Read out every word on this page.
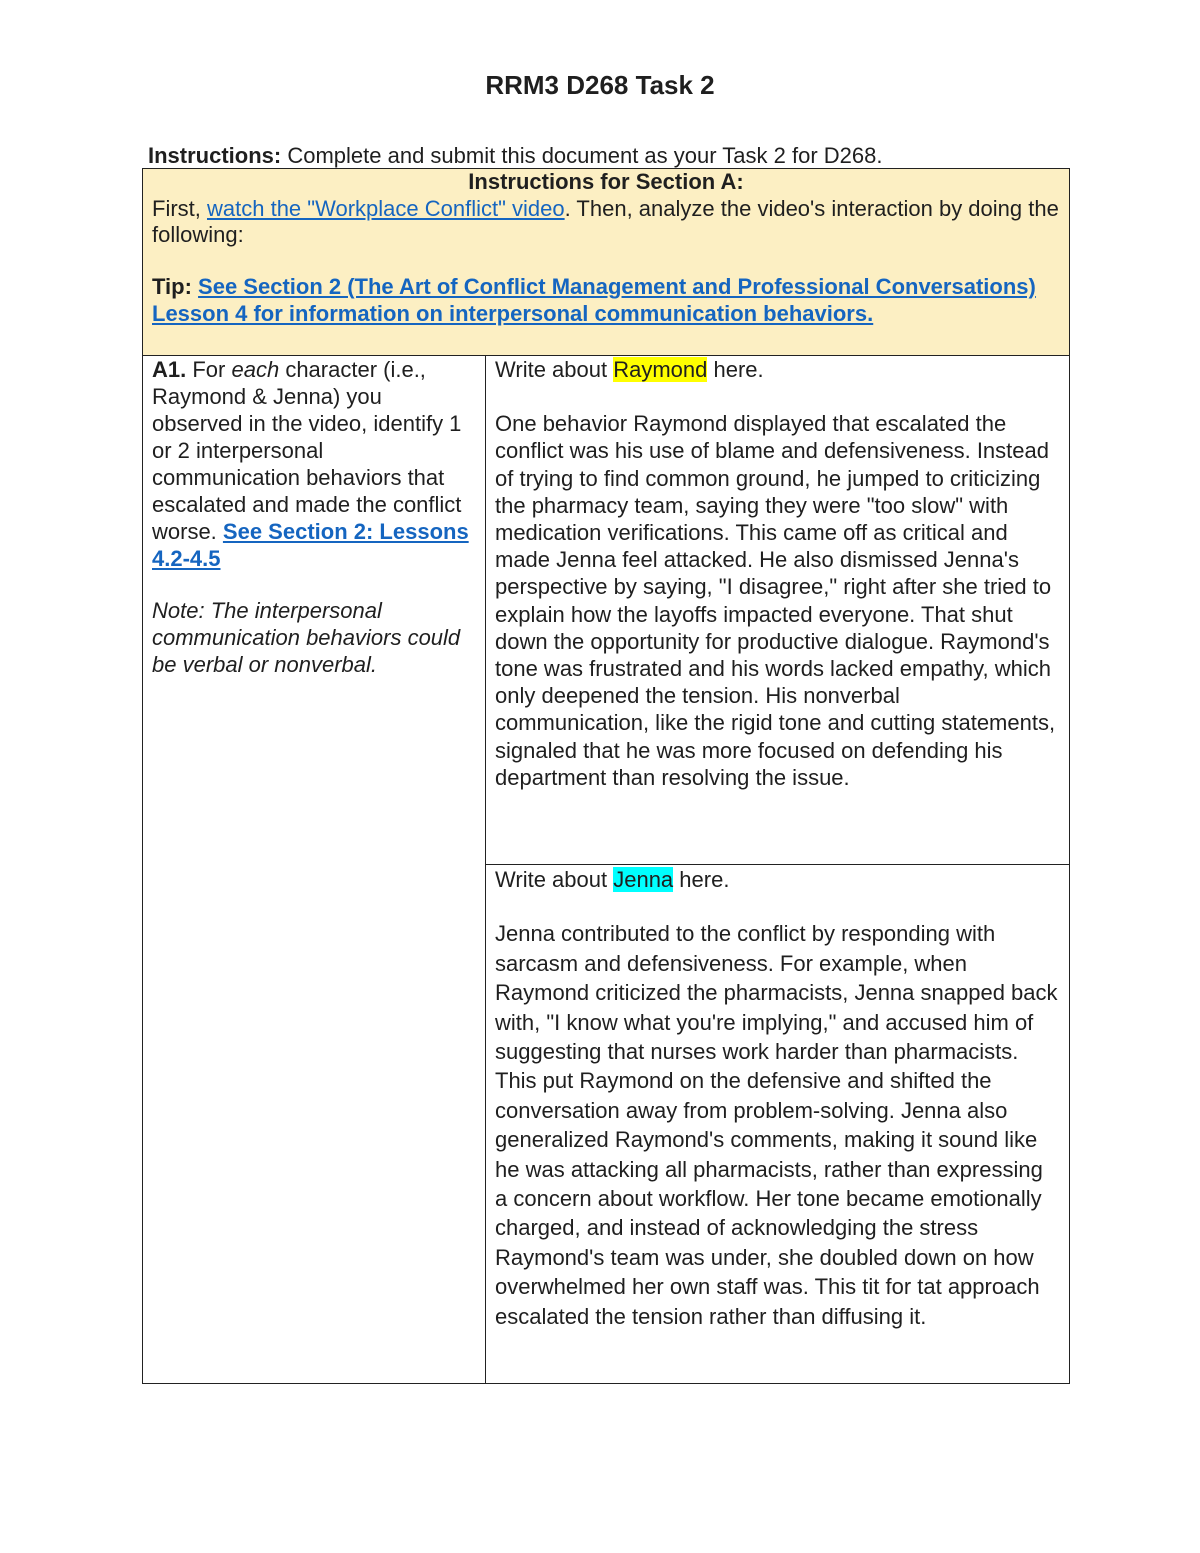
RRM3 D268 Task 2

Instructions: Complete and submit this document as your Task 2 for D268.

Instructions for Section A:
First, watch the "Workplace Conflict" video. Then, analyze the video's interaction by doing the following:
Tip: See Section 2 (The Art of Conflict Management and Professional Conversations) Lesson 4 for information on interpersonal communication behaviors.

A1. For each character (i.e., Raymond & Jenna) you observed in the video, identify 1 or 2 interpersonal communication behaviors that escalated and made the conflict worse. See Section 2: Lessons 4.2-4.5

Note: The interpersonal communication behaviors could be verbal or nonverbal.

Write about Raymond here.

One behavior Raymond displayed that escalated the conflict was his use of blame and defensiveness. Instead of trying to find common ground, he jumped to criticizing the pharmacy team, saying they were "too slow" with medication verifications. This came off as critical and made Jenna feel attacked. He also dismissed Jenna's perspective by saying, "I disagree," right after she tried to explain how the layoffs impacted everyone. That shut down the opportunity for productive dialogue. Raymond's tone was frustrated and his words lacked empathy, which only deepened the tension. His nonverbal communication, like the rigid tone and cutting statements, signaled that he was more focused on defending his department than resolving the issue.

Write about Jenna here.

Jenna contributed to the conflict by responding with sarcasm and defensiveness. For example, when Raymond criticized the pharmacists, Jenna snapped back with, "I know what you're implying," and accused him of suggesting that nurses work harder than pharmacists. This put Raymond on the defensive and shifted the conversation away from problem-solving. Jenna also generalized Raymond's comments, making it sound like he was attacking all pharmacists, rather than expressing a concern about workflow. Her tone became emotionally charged, and instead of acknowledging the stress Raymond's team was under, she doubled down on how overwhelmed her own staff was. This tit for tat approach escalated the tension rather than diffusing it.
